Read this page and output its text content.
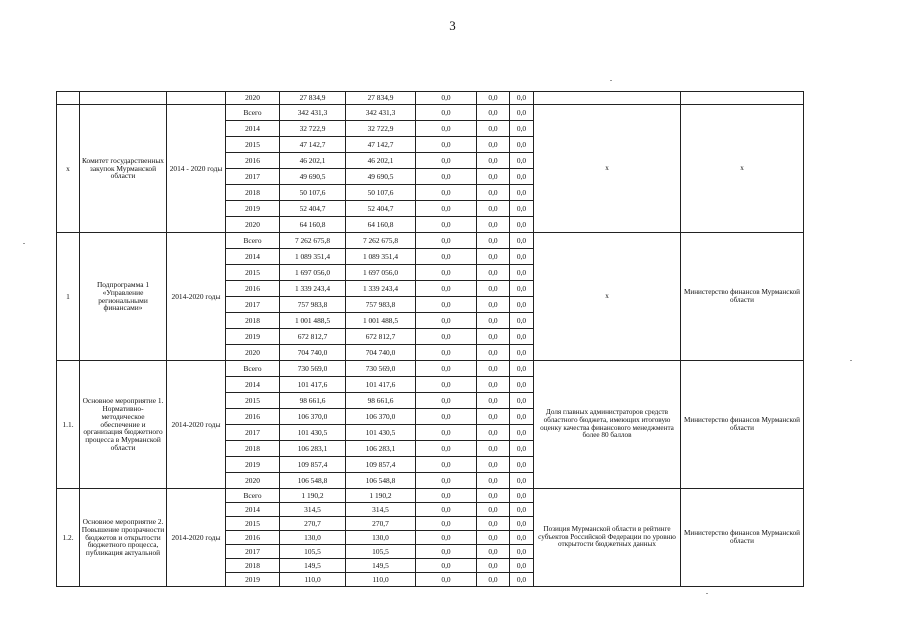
3
			2020	27 834,9	27 834,9	0,0	0,0	0,0		
х	Комитет государственных закупок Мурманской области	2014 - 2020 годы	Всего	342 431,3	342 431,3	0,0	0,0	0,0	х	х
			2014	32 722,9	32 722,9	0,0	0,0	0,0		
			2015	47 142,7	47 142,7	0,0	0,0	0,0		
			2016	46 202,1	46 202,1	0,0	0,0	0,0		
			2017	49 690,5	49 690,5	0,0	0,0	0,0		
			2018	50 107,6	50 107,6	0,0	0,0	0,0		
			2019	52 404,7	52 404,7	0,0	0,0	0,0		
			2020	64 160,8	64 160,8	0,0	0,0	0,0		
1	Подпрограмма 1 «Управление региональными финансами»	2014-2020 годы	Всего	7 262 675,8	7 262 675,8	0,0	0,0	0,0	х	Министерство финансов Мурманской области
			2014	1 089 351,4	1 089 351,4	0,0	0,0	0,0		
			2015	1 697 056,0	1 697 056,0	0,0	0,0	0,0		
			2016	1 339 243,4	1 339 243,4	0,0	0,0	0,0		
			2017	757 983,8	757 983,8	0,0	0,0	0,0		
			2018	1 001 488,5	1 001 488,5	0,0	0,0	0,0		
			2019	672 812,7	672 812,7	0,0	0,0	0,0		
			2020	704 740,0	704 740,0	0,0	0,0	0,0		
1.1.	Основное мероприятие 1. Нормативно-методическое обеспечение и организация бюджетного процесса в Мурманской области	2014-2020 годы	Всего	730 569,0	730 569,0	0,0	0,0	0,0	Доля главных администраторов средств областного бюджета, имеющих итоговую оценку качества финансового менеджмента более 80 баллов	Министерство финансов Мурманской области
			2014	101 417,6	101 417,6	0,0	0,0	0,0		
			2015	98 661,6	98 661,6	0,0	0,0	0,0		
			2016	106 370,0	106 370,0	0,0	0,0	0,0		
			2017	101 430,5	101 430,5	0,0	0,0	0,0		
			2018	106 283,1	106 283,1	0,0	0,0	0,0		
			2019	109 857,4	109 857,4	0,0	0,0	0,0		
			2020	106 548,8	106 548,8	0,0	0,0	0,0		
1.2.	Основное мероприятие 2. Повышение прозрачности бюджетов и открытости бюджетного процесса, публикация актуальной	2014-2020 годы	Всего	1 190,2	1 190,2	0,0	0,0	0,0	Позиция Мурманской области в рейтинге субъектов Российской Федерации по уровню открытости бюджетных данных	Министерство финансов Мурманской области
			2014	314,5	314,5	0,0	0,0	0,0		
			2015	270,7	270,7	0,0	0,0	0,0		
			2016	130,0	130,0	0,0	0,0	0,0		
			2017	105,5	105,5	0,0	0,0	0,0		
			2018	149,5	149,5	0,0	0,0	0,0		
			2019	110,0	110,0	0,0	0,0	0,0		
